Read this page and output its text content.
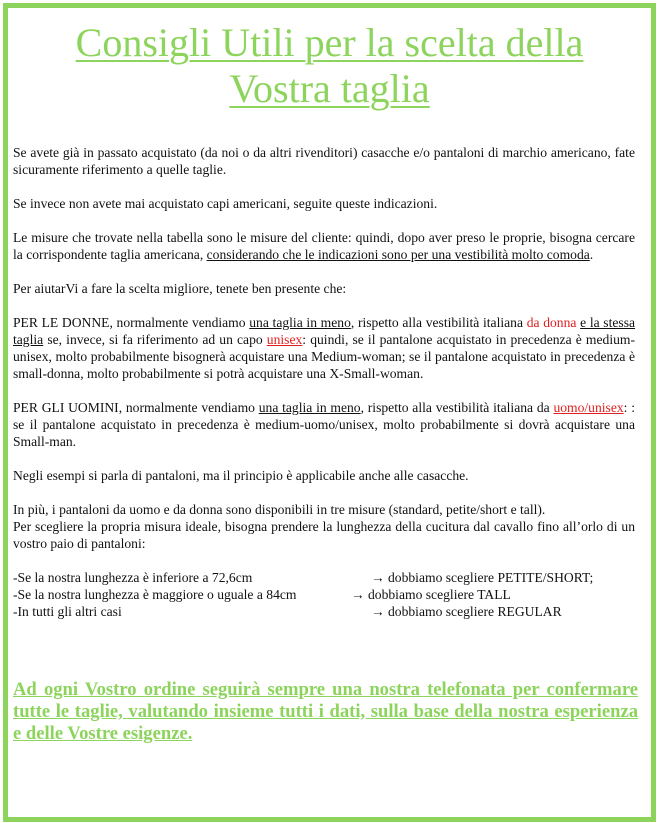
Consigli Utili per la scelta della
Vostra taglia

Se avete già in passato acquistato (da noi o da altri rivenditori) casacche e/o pantaloni di marchio americano, fate sicuramente riferimento a quelle taglie.

Se invece non avete mai acquistato capi americani, seguite queste indicazioni.

Le misure che trovate nella tabella sono le misure del cliente: quindi, dopo aver preso le proprie, bisogna cercare la corrispondente taglia americana, considerando che le indicazioni sono per una vestibilità molto comoda.

Per aiutarVi a fare la scelta migliore, tenete ben presente che:

PER LE DONNE, normalmente vendiamo una taglia in meno, rispetto alla vestibilità italiana da donna e la stessa taglia se, invece, si fa riferimento ad un capo unisex: quindi, se il pantalone acquistato in precedenza è medium-unisex, molto probabilmente bisognerà acquistare una Medium-woman; se il pantalone acquistato in precedenza è small-donna, molto probabilmente si potrà acquistare una X-Small-woman.

PER GLI UOMINI, normalmente vendiamo una taglia in meno, rispetto alla vestibilità italiana da uomo/unisex: : se il pantalone acquistato in precedenza è medium-uomo/unisex, molto probabilmente si dovrà acquistare una Small-man.

Negli esempi si parla di pantaloni, ma il principio è applicabile anche alle casacche.

In più, i pantaloni da uomo e da donna sono disponibili in tre misure (standard, petite/short e tall).

Per scegliere la propria misura ideale, bisogna prendere la lunghezza della cucitura dal cavallo fino all’orlo di un vostro paio di pantaloni:

-Se la nostra lunghezza è inferiore a 72,6cm	→ dobbiamo scegliere PETITE/SHORT;
-Se la nostra lunghezza è maggiore o uguale a 84cm	→ dobbiamo scegliere TALL
-In tutti gli altri casi	→ dobbiamo scegliere REGULAR
Ad ogni Vostro ordine seguirà sempre una nostra telefonata per confermare tutte le taglie, valutando insieme tutti i dati, sulla base della nostra esperienza e delle Vostre esigenze.
